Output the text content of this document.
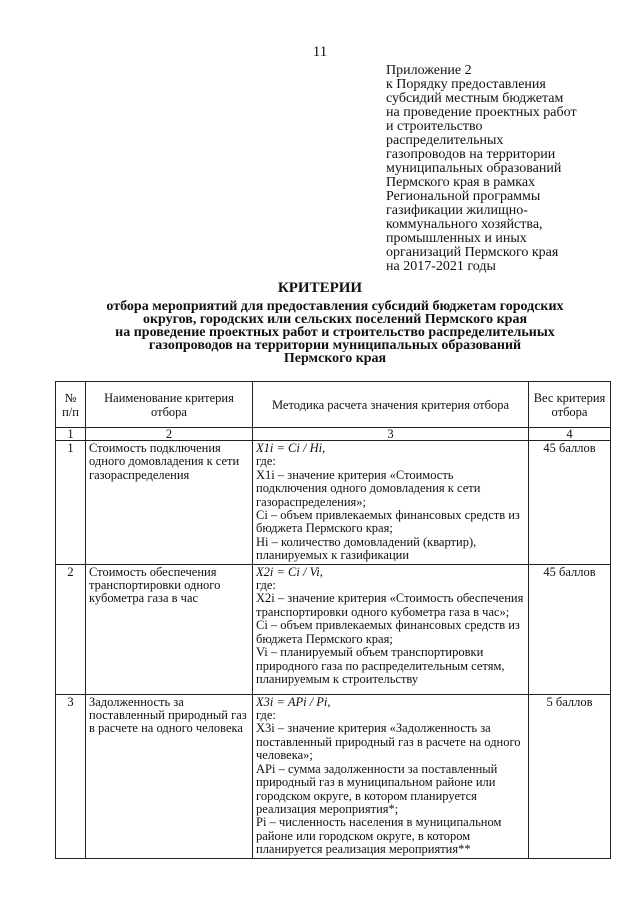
11
Приложение 2
к Порядку предоставления
субсидий местным бюджетам
на проведение проектных работ
и строительство
распределительных
газопроводов на территории
муниципальных образований
Пермского края в рамках
Региональной программы
газификации жилищно-
коммунального хозяйства,
промышленных и иных
организаций Пермского края
на 2017-2021 годы
КРИТЕРИИ
отбора мероприятий для предоставления субсидий бюджетам городских
округов, городских или сельских поселений Пермского края
на проведение проектных работ и строительство распределительных
газопроводов на территории муниципальных образований
Пермского края
№ п/п	Наименование критерия отбора	Методика расчета значения критерия отбора	Вес критерия отбора
1	2	3	4
1	Стоимость подключения одного домовладения к сети газораспределения	X1i = Ci / Hi,
где:
X1i – значение критерия «Стоимость подключения одного домовладения к сети газораспределения»;
Ci – объем привлекаемых финансовых средств из бюджета Пермского края;
Hi – количество домовладений (квартир), планируемых к газификации	45 баллов
2	Стоимость обеспечения транспортировки одного кубометра газа в час	X2i = Ci / Vi,
где:
X2i – значение критерия «Стоимость обеспечения транспортировки одного кубометра газа в час»;
Ci – объем привлекаемых финансовых средств из бюджета Пермского края;
Vi – планируемый объем транспортировки природного газа по распределительным сетям, планируемым к строительству	45 баллов
3	Задолженность за поставленный природный газ в расчете на одного человека	X3i = APi / Pi,
где:
X3i – значение критерия «Задолженность за поставленный природный газ в расчете на одного человека»;
APi – сумма задолженности за поставленный природный газ в муниципальном районе или городском округе, в котором планируется реализация мероприятия*;
Pi – численность населения в муниципальном районе или городском округе, в котором планируется реализация мероприятия**	5 баллов
